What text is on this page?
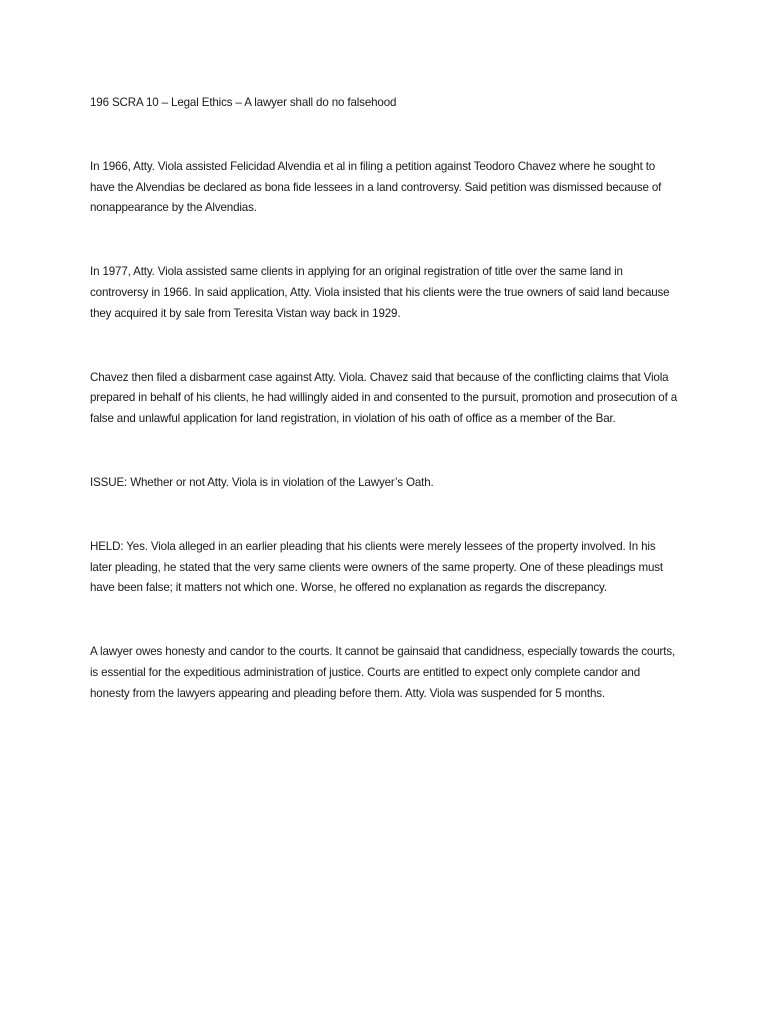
196 SCRA 10 – Legal Ethics – A lawyer shall do no falsehood

In 1966, Atty. Viola assisted Felicidad Alvendia et al in filing a petition against Teodoro Chavez where he sought to have the Alvendias be declared as bona fide lessees in a land controversy. Said petition was dismissed because of nonappearance by the Alvendias.

In 1977, Atty. Viola assisted same clients in applying for an original registration of title over the same land in controversy in 1966. In said application, Atty. Viola insisted that his clients were the true owners of said land because they acquired it by sale from Teresita Vistan way back in 1929.

Chavez then filed a disbarment case against Atty. Viola. Chavez said that because of the conflicting claims that Viola prepared in behalf of his clients, he had willingly aided in and consented to the pursuit, promotion and prosecution of a false and unlawful application for land registration, in violation of his oath of office as a member of the Bar.

ISSUE: Whether or not Atty. Viola is in violation of the Lawyer’s Oath.

HELD: Yes. Viola alleged in an earlier pleading that his clients were merely lessees of the property involved. In his later pleading, he stated that the very same clients were owners of the same property. One of these pleadings must have been false; it matters not which one. Worse, he offered no explanation as regards the discrepancy.

A lawyer owes honesty and candor to the courts. It cannot be gainsaid that candidness, especially towards the courts, is essential for the expeditious administration of justice. Courts are entitled to expect only complete candor and honesty from the lawyers appearing and pleading before them. Atty. Viola was suspended for 5 months.
